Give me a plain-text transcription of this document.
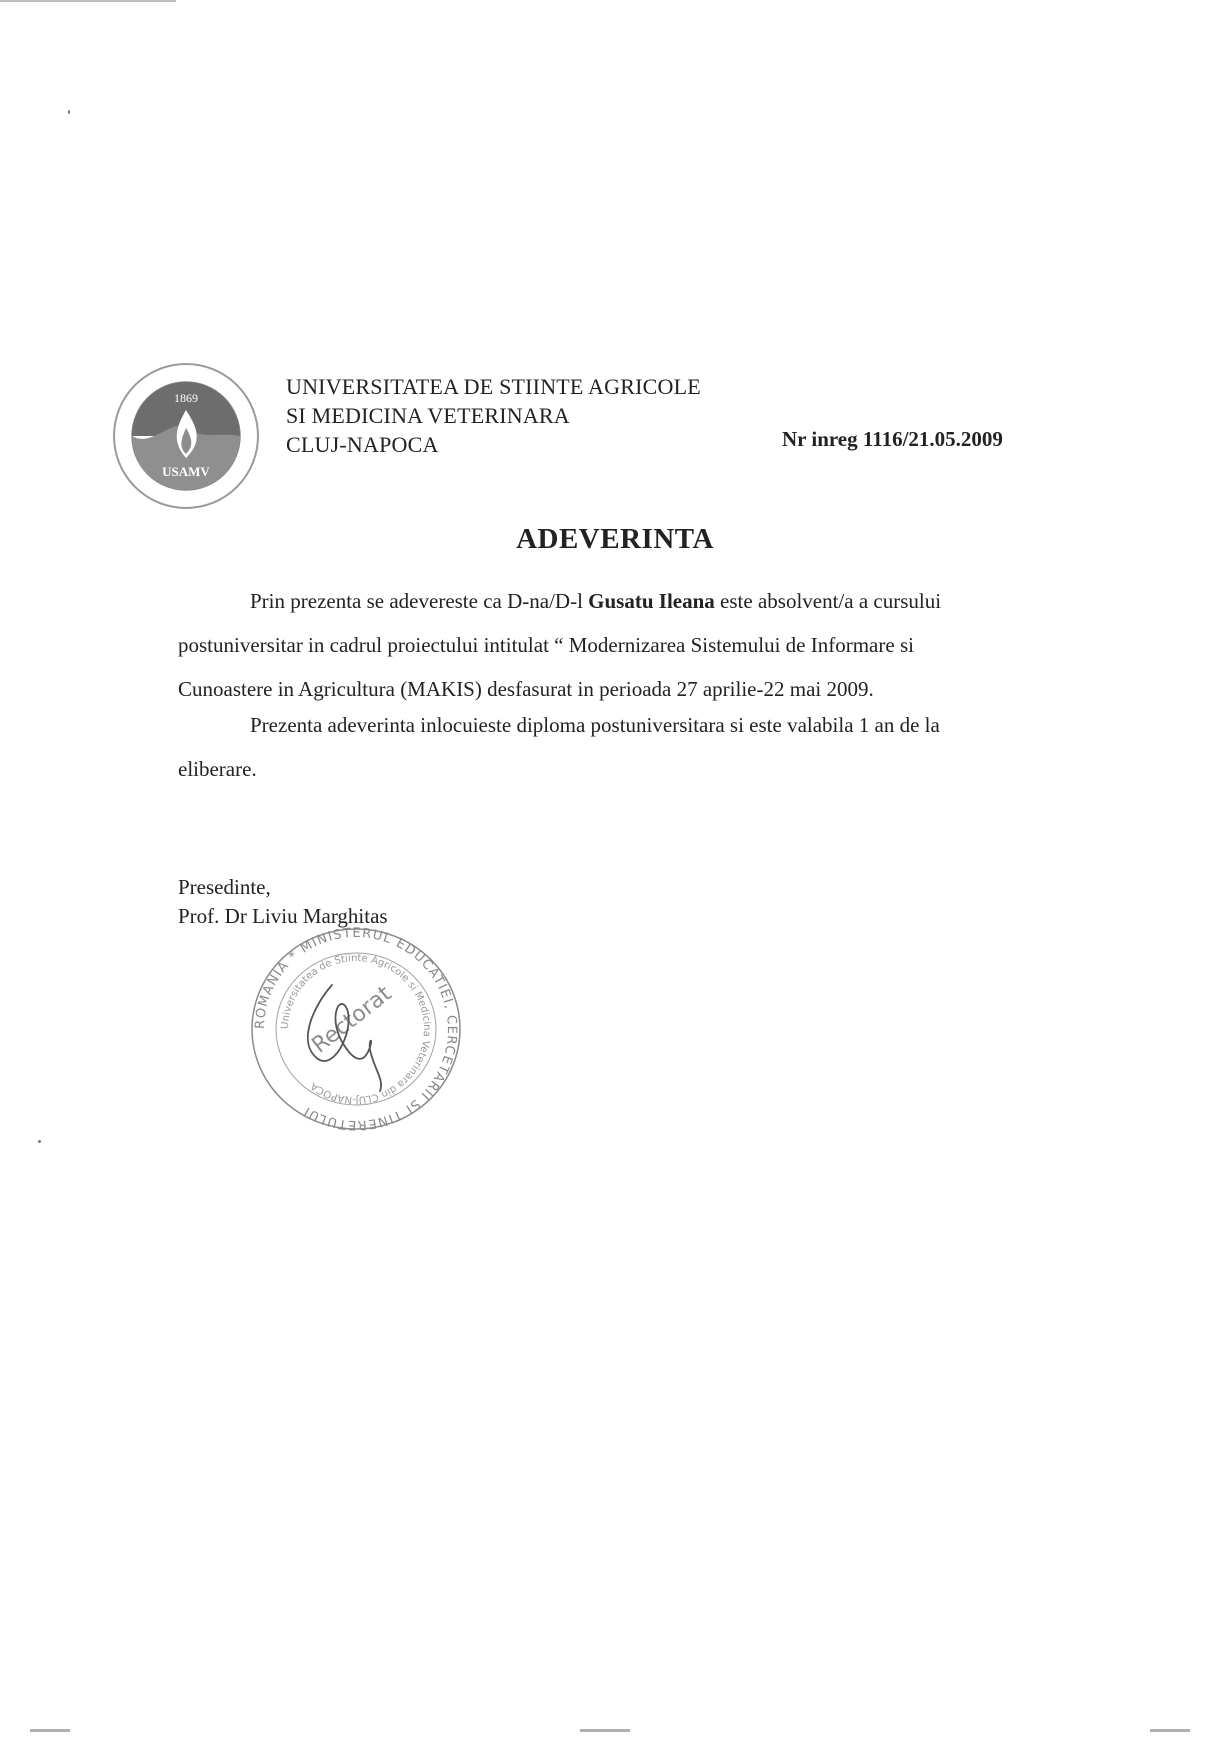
1869
USAMV
UNIVERSITATEA DE STIINTE AGRICOLE
SI MEDICINA VETERINARA
CLUJ-NAPOCA	Nr inreg 1116/21.05.2009
ADEVERINTA
Prin prezenta se adevereste ca D-na/D-l Gusatu Ileana este absolvent/a a cursului
postuniversitar in cadrul proiectului intitulat “ Modernizarea Sistemului de Informare si
Cunoastere in Agricultura (MAKIS) desfasurat in perioada 27 aprilie-22 mai 2009.
Prezenta adeverinta inlocuieste diploma postuniversitara si este valabila 1 an de la
eliberare.
Presedinte,
Prof. Dr Liviu Marghitas
ROMANIA * MINISTERUL EDUCATIEI, CERCETARII SI TINERETULUI
Universitatea de Stiinte Agricole si Medicina Veterinara din CLUJ-NAPOCA
Rectorat
